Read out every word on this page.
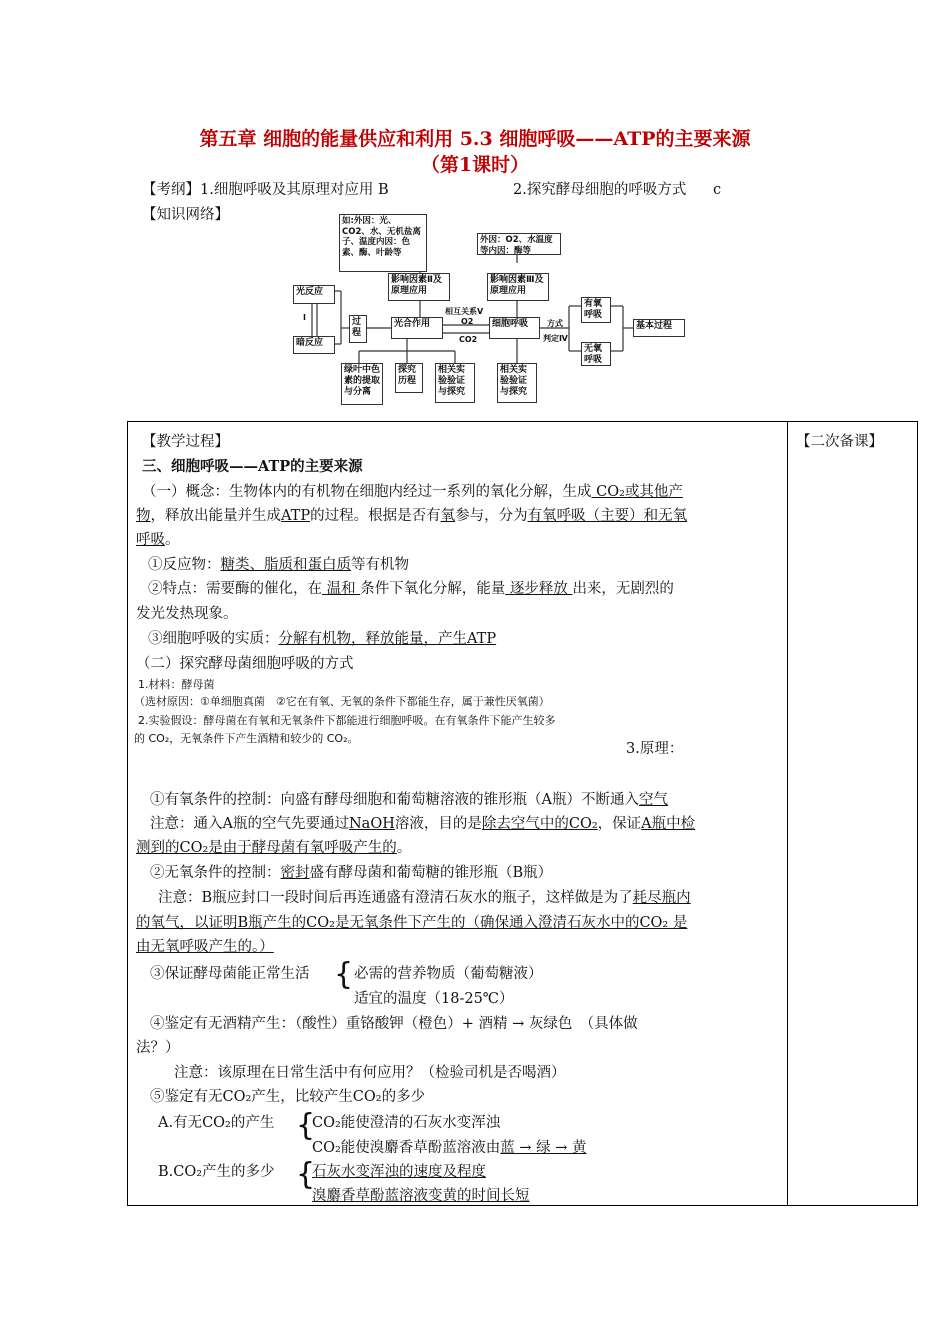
第五章 细胞的能量供应和利用 5.3 细胞呼吸——ATP的主要来源
（第1课时）
【考纲】1.细胞呼吸及其原理对应用 B	2.探究酵母细胞的呼吸方式 c
【知识网络】
光反应
暗反应
I	过程
光合作用	细胞呼吸
如:外因：光、CO2、水、无机盐离子、温度内因：色素、酶、叶龄等
影响因素Ⅱ及原理应用
外因：O2、水温度等内因：酶等
影响因素Ⅲ及原理应用
相互关系Ⅴ
O2
CO2
方式
判定Ⅳ
有氧呼吸
无氧呼吸
基本过程
绿叶中色素的提取与分离
探究历程
相关实验验证与探究
相关实验验证与探究
【教学过程】	【二次备课】
三、细胞呼吸——ATP的主要来源
（一）概念：生物体内的有机物在细胞内经过一系列的氧化分解，生成 CO₂或其他产
物，释放出能量并生成ATP的过程。根据是否有氧参与，分为有氧呼吸（主要）和无氧
呼吸。
①反应物：糖类、脂质和蛋白质等有机物
②特点：需要酶的催化，在 温和 条件下氧化分解，能量 逐步释放 出来，无剧烈的
发光发热现象。
③细胞呼吸的实质：分解有机物，释放能量，产生ATP
（二）探究酵母菌细胞呼吸的方式
1.材料：酵母菌
（选材原因：①单细胞真菌　②它在有氧、无氧的条件下都能生存，属于兼性厌氧菌）
2.实验假设：酵母菌在有氧和无氧条件下都能进行细胞呼吸。在有氧条件下能产生较多
的 CO₂，无氧条件下产生酒精和较少的 CO₂。
3.原理：
①有氧条件的控制：向盛有酵母细胞和葡萄糖溶液的锥形瓶（A瓶）不断通入空气
注意：通入A瓶的空气先要通过NaOH溶液，目的是除去空气中的CO₂，保证A瓶中检
测到的CO₂是由于酵母菌有氧呼吸产生的。
②无氧条件的控制：密封盛有酵母菌和葡萄糖的锥形瓶（B瓶）
注意：B瓶应封口一段时间后再连通盛有澄清石灰水的瓶子，这样做是为了耗尽瓶内
的氧气，以证明B瓶产生的CO₂是无氧条件下产生的（确保通入澄清石灰水中的CO₂ 是
由无氧呼吸产生的。）
③保证酵母菌能正常生活 { 必需的营养物质（葡萄糖液）
适宜的温度（18-25℃）
④鉴定有无酒精产生：（酸性）重铬酸钾（橙色）+ 酒精 → 灰绿色　（具体做
法？）
注意：该原理在日常生活中有何应用？（检验司机是否喝酒）
⑤鉴定有无CO₂产生，比较产生CO₂的多少
A.有无CO₂的产生 {
CO₂能使澄清的石灰水变浑浊
CO₂能使溴麝香草酚蓝溶液由蓝 → 绿 → 黄
B.CO₂产生的多少 {
石灰水变浑浊的速度及程度
溴麝香草酚蓝溶液变黄的时间长短
